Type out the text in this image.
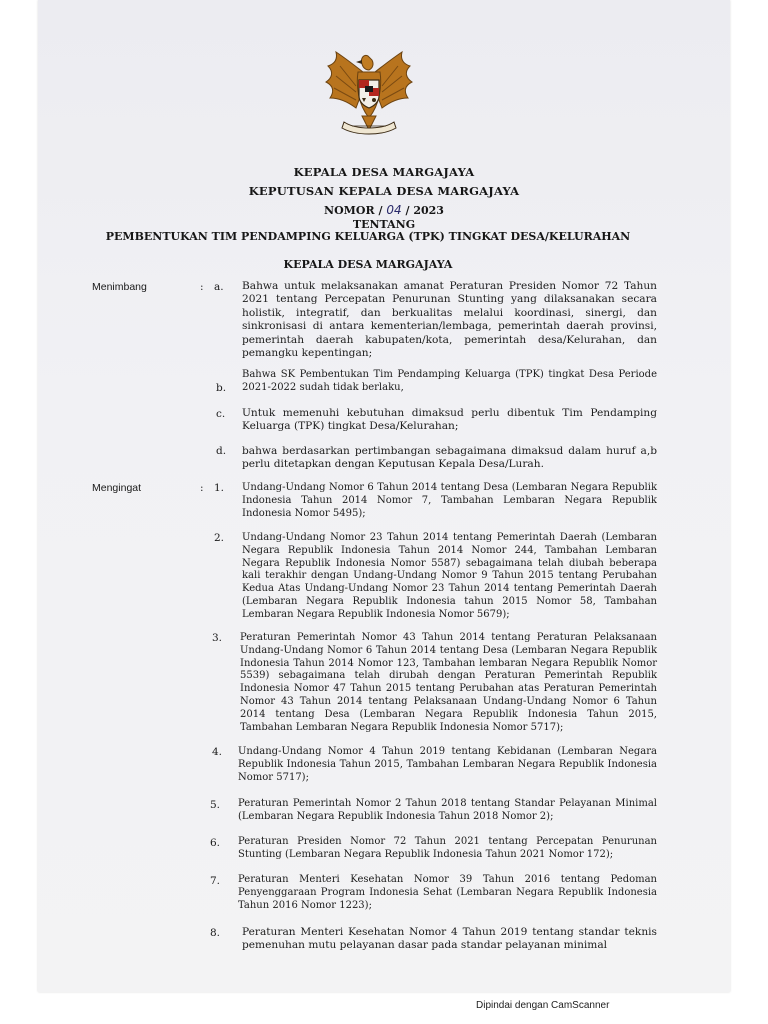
KEPALA DESA MARGAJAYA
KEPUTUSAN KEPALA DESA MARGAJAYA
NOMOR / 04 / 2023
TENTANG
PEMBENTUKAN TIM PENDAMPING KELUARGA (TPK) TINGKAT DESA/KELURAHAN
KEPALA DESA MARGAJAYA
Menimbang	: a. Bahwa untuk melaksanakan amanat Peraturan Presiden Nomor 72 Tahun 2021 tentang Percepatan Penurunan Stunting yang dilaksanakan secara holistik, integratif, dan berkualitas melalui koordinasi, sinergi, dan sinkronisasi di antara kementerian/lembaga, pemerintah daerah provinsi, pemerintah daerah kabupaten/kota, pemerintah desa/Kelurahan, dan pemangku kepentingan;
b.
Bahwa SK Pembentukan Tim Pendamping Keluarga (TPK) tingkat Desa Periode 2021-2022 sudah tidak berlaku,
c. Untuk memenuhi kebutuhan dimaksud perlu dibentuk Tim Pendamping Keluarga (TPK) tingkat Desa/Kelurahan;
d. bahwa berdasarkan pertimbangan sebagaimana dimaksud dalam huruf a,b perlu ditetapkan dengan Keputusan Kepala Desa/Lurah.
Mengingat	: 1. Undang-Undang Nomor 6 Tahun 2014 tentang Desa (Lembaran Negara Republik Indonesia Tahun 2014 Nomor 7, Tambahan Lembaran Negara Republik Indonesia Nomor 5495);
2. Undang-Undang Nomor 23 Tahun 2014 tentang Pemerintah Daerah (Lembaran Negara Republik Indonesia Tahun 2014 Nomor 244, Tambahan Lembaran Negara Republik Indonesia Nomor 5587) sebagaimana telah diubah beberapa kali terakhir dengan Undang-Undang Nomor 9 Tahun 2015 tentang Perubahan Kedua Atas Undang-Undang Nomor 23 Tahun 2014 tentang Pemerintah Daerah (Lembaran Negara Republik Indonesia tahun 2015 Nomor 58, Tambahan Lembaran Negara Republik Indonesia Nomor 5679);
3. Peraturan Pemerintah Nomor 43 Tahun 2014 tentang Peraturan Pelaksanaan Undang-Undang Nomor 6 Tahun 2014 tentang Desa (Lembaran Negara Republik Indonesia Tahun 2014 Nomor 123, Tambahan lembaran Negara Republik Nomor 5539) sebagaimana telah dirubah dengan Peraturan Pemerintah Republik Indonesia Nomor 47 Tahun 2015 tentang Perubahan atas Peraturan Pemerintah Nomor 43 Tahun 2014 tentang Pelaksanaan Undang-Undang Nomor 6 Tahun 2014 tentang Desa (Lembaran Negara Republik Indonesia Tahun 2015, Tambahan Lembaran Negara Republik Indonesia Nomor 5717);
4. Undang-Undang Nomor 4 Tahun 2019 tentang Kebidanan (Lembaran Negara Republik Indonesia Tahun 2015, Tambahan Lembaran Negara Republik Indonesia Nomor 5717);
5. Peraturan Pemerintah Nomor 2 Tahun 2018 tentang Standar Pelayanan Minimal (Lembaran Negara Republik Indonesia Tahun 2018 Nomor 2);
6. Peraturan Presiden Nomor 72 Tahun 2021 tentang Percepatan Penurunan Stunting (Lembaran Negara Republik Indonesia Tahun 2021 Nomor 172);
7. Peraturan Menteri Kesehatan Nomor 39 Tahun 2016 tentang Pedoman Penyenggaraan Program Indonesia Sehat (Lembaran Negara Republik Indonesia Tahun 2016 Nomor 1223);
8. Peraturan Menteri Kesehatan Nomor 4 Tahun 2019 tentang standar teknis pemenuhan mutu pelayanan dasar pada standar pelayanan minimal
Dipindai dengan CamScanner
